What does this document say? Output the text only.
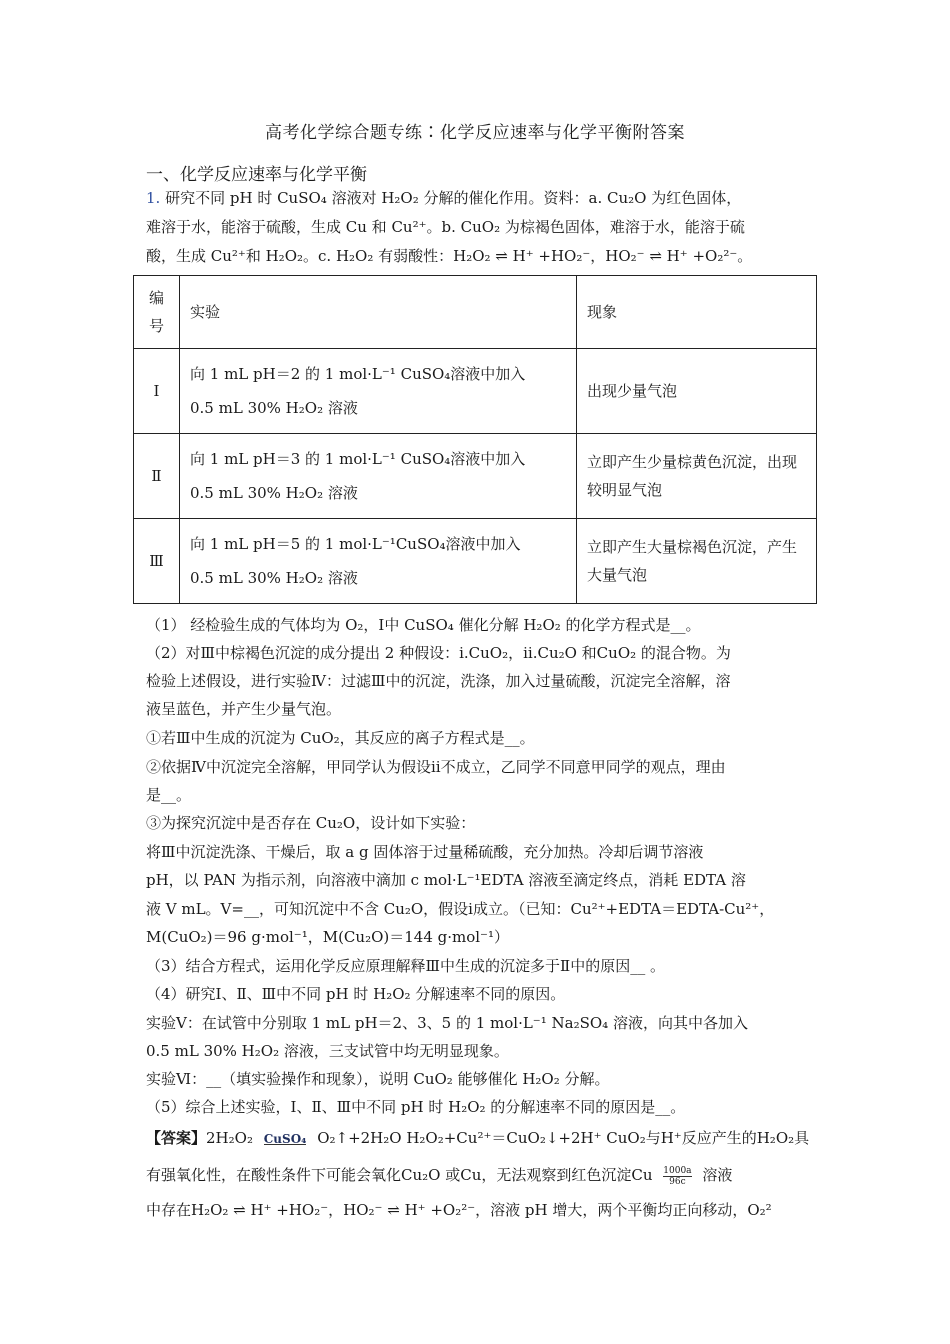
高考化学综合题专练∶化学反应速率与化学平衡附答案
一、化学反应速率与化学平衡
1. 研究不同 pH 时 CuSO₄ 溶液对 H₂O₂ 分解的催化作用。资料：a. Cu₂O 为红色固体，
难溶于水，能溶于硫酸，生成 Cu 和 Cu²⁺。b. CuO₂ 为棕褐色固体，难溶于水，能溶于硫
酸，生成 Cu²⁺和 H₂O₂。c. H₂O₂ 有弱酸性：H₂O₂ ⇌ H⁺ +HO₂⁻，HO₂⁻ ⇌ H⁺ +O₂²⁻。
编号	实验	现象
Ⅰ	向 1 mL pH＝2 的 1 mol·L⁻¹ CuSO₄溶液中加入
0.5 mL 30% H₂O₂ 溶液	出现少量气泡
Ⅱ	向 1 mL pH＝3 的 1 mol·L⁻¹ CuSO₄溶液中加入
0.5 mL 30% H₂O₂ 溶液	立即产生少量棕黄色沉淀，出现较明显气泡
Ⅲ	向 1 mL pH＝5 的 1 mol·L⁻¹CuSO₄溶液中加入
0.5 mL 30% H₂O₂ 溶液	立即产生大量棕褐色沉淀，产生大量气泡
（1） 经检验生成的气体均为 O₂，Ⅰ中 CuSO₄ 催化分解 H₂O₂ 的化学方程式是__。
（2）对Ⅲ中棕褐色沉淀的成分提出 2 种假设：ⅰ.CuO₂，ⅱ.Cu₂O 和CuO₂ 的混合物。为
检验上述假设，进行实验Ⅳ：过滤Ⅲ中的沉淀，洗涤，加入过量硫酸，沉淀完全溶解，溶
液呈蓝色，并产生少量气泡。
①若Ⅲ中生成的沉淀为 CuO₂，其反应的离子方程式是__。
②依据Ⅳ中沉淀完全溶解，甲同学认为假设ⅱ不成立，乙同学不同意甲同学的观点，理由
是__。
③为探究沉淀中是否存在 Cu₂O，设计如下实验：
将Ⅲ中沉淀洗涤、干燥后，取 a g 固体溶于过量稀硫酸，充分加热。冷却后调节溶液
pH，以 PAN 为指示剂，向溶液中滴加 c mol·L⁻¹EDTA 溶液至滴定终点，消耗 EDTA 溶
液 V mL。V=__，可知沉淀中不含 Cu₂O，假设ⅰ成立。（已知：Cu²⁺+EDTA＝EDTA-Cu²⁺，
M(CuO₂)＝96 g·mol⁻¹，M(Cu₂O)＝144 g·mol⁻¹）
（3）结合方程式，运用化学反应原理解释Ⅲ中生成的沉淀多于Ⅱ中的原因__ 。
（4）研究Ⅰ、Ⅱ、Ⅲ中不同 pH 时 H₂O₂ 分解速率不同的原因。
实验Ⅴ：在试管中分别取 1 mL pH＝2、3、5 的 1 mol·L⁻¹ Na₂SO₄ 溶液，向其中各加入
0.5 mL 30% H₂O₂ 溶液，三支试管中均无明显现象。
实验Ⅵ：__（填实验操作和现象），说明 CuO₂ 能够催化 H₂O₂ 分解。
（5）综合上述实验，Ⅰ、Ⅱ、Ⅲ中不同 pH 时 H₂O₂ 的分解速率不同的原因是__。
【答案】2H₂O₂ CuSO₄ O₂↑+2H₂O H₂O₂+Cu²⁺＝CuO₂↓+2H⁺ CuO₂与H⁺反应产生的H₂O₂具
有强氧化性，在酸性条件下可能会氧化Cu₂O 或Cu，无法观察到红色沉淀Cu $\frac{1000a}{96c}$ 溶液
中存在H₂O₂ ⇌ H⁺ +HO₂⁻，HO₂⁻ ⇌ H⁺ +O₂²⁻，溶液 pH 增大，两个平衡均正向移动，O₂²
